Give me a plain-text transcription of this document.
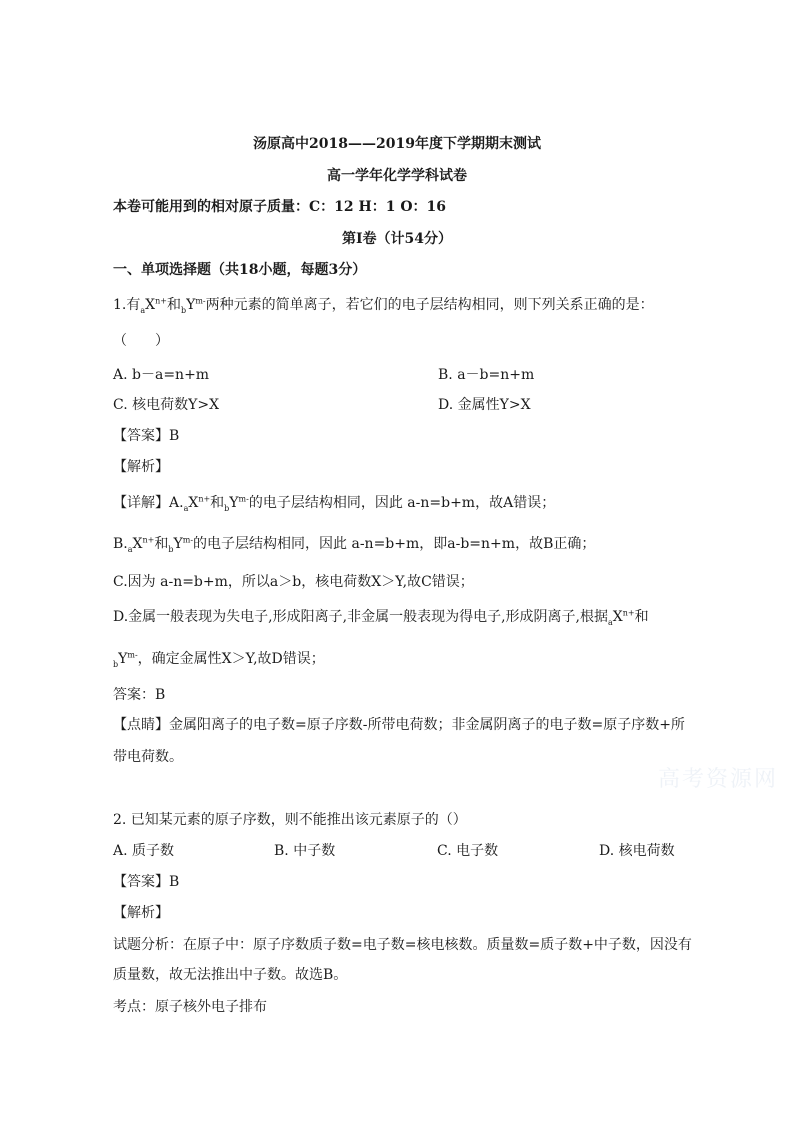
汤原高中2018——2019年度下学期期末测试
高一学年化学学科试卷
本卷可能用到的相对原子质量：C：12 H：1 O：16
第Ⅰ卷（计54分）
一、单项选择题（共18小题，每题3分）
1.有$_aX^{n+}$和$_bY^{m-}$两种元素的简单离子，若它们的电子层结构相同，则下列关系正确的是：
（　　）
A. b－a=n+m	B. a－b=n+m
C. 核电荷数Y>X	D. 金属性Y>X
【答案】B
【解析】
【详解】$A._aX^{n+}$和$_bY^{m-}$的电子层结构相同，因此 a-n=b+m，故A错误；
$B._aX^{n+}$和$_bY^{m-}$的电子层结构相同，因此 a-n=b+m，即a-b=n+m，故B正确；
C.因为 a-n=b+m，所以a＞b，核电荷数X＞Y,故C错误；
D.金属一般表现为失电子,形成阳离子,非金属一般表现为得电子,形成阴离子,根据$_aX^{n+}$和
$_bY^{m-}$，确定金属性X＞Y,故D错误；
答案：B
【点睛】金属阳离子的电子数=原子序数-所带电荷数；非金属阴离子的电子数=原子序数+所
带电荷数。
高考资源网
2. 已知某元素的原子序数，则不能推出该元素原子的（）
A. 质子数	B. 中子数	C. 电子数	D. 核电荷数
【答案】B
【解析】
试题分析：在原子中：原子序数质子数=电子数=核电核数。质量数=质子数+中子数，因没有
质量数，故无法推出中子数。故选B。
考点：原子核外电子排布
